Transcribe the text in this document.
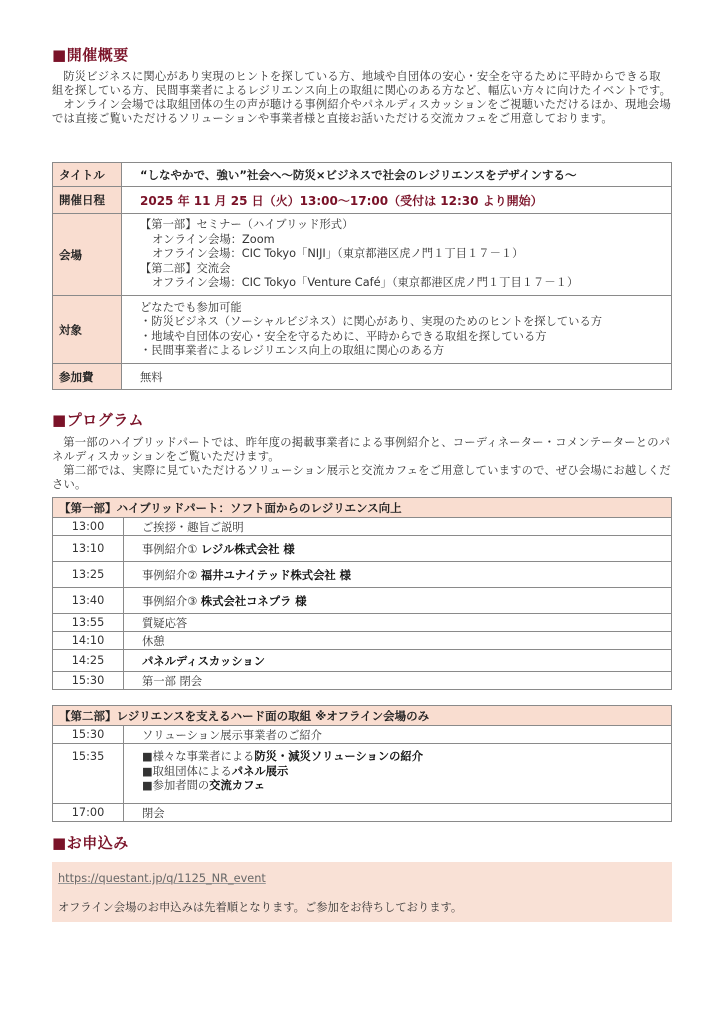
■開催概要

防災ビジネスに関心があり実現のヒントを探している方、地域や自団体の安心・安全を守るために平時からできる取組を探している方、民間事業者によるレジリエンス向上の取組に関心のある方など、幅広い方々に向けたイベントです。

オンライン会場では取組団体の生の声が聴ける事例紹介やパネルディスカッションをご視聴いただけるほか、現地会場では直接ご覧いただけるソリューションや事業者様と直接お話いただける交流カフェをご用意しております。

タイトル	“しなやかで、強い”社会へ～防災×ビジネスで社会のレジリエンスをデザインする～
開催日程	2025 年 11 月 25 日（火）13:00～17:00（受付は 12:30 より開始）
会場	【第一部】セミナー（ハイブリッド形式）
オンライン会場：Zoom
オフライン会場：CIC Tokyo「NIJI」（東京都港区虎ノ門１丁目１７－１）
【第二部】交流会
オフライン会場：CIC Tokyo「Venture Café」（東京都港区虎ノ門１丁目１７－１）

対象	どなたでも参加可能
・防災ビジネス（ソーシャルビジネス）に関心があり、実現のためのヒントを探している方
・地域や自団体の安心・安全を守るために、平時からできる取組を探している方
・民間事業者によるレジリエンス向上の取組に関心のある方

参加費	無料
■プログラム

第一部のハイブリッドパートでは、昨年度の掲載事業者による事例紹介と、コーディネーター・コメンテーターとのパネルディスカッションをご覧いただけます。

第二部では、実際に見ていただけるソリューション展示と交流カフェをご用意していますので、ぜひ会場にお越しください。

【第一部】ハイブリッドパート：ソフト面からのレジリエンス向上	
13:00	ご挨拶・趣旨ご説明
13:10	事例紹介① レジル株式会社 様
13:25	事例紹介② 福井ユナイテッド株式会社 様
13:40	事例紹介③ 株式会社コネプラ 様
13:55	質疑応答
14:10	休憩
14:25	パネルディスカッション
15:30	第一部 閉会
【第二部】レジリエンスを支えるハード面の取組 ※オフライン会場のみ	
15:30	ソリューション展示事業者のご紹介
15:35	■様々な事業者による防災・減災ソリューションの紹介
■取組団体によるパネル展示
■参加者間の交流カフェ

17:00	閉会
■お申込み
https://questant.jp/q/1125_NR_event
オフライン会場のお申込みは先着順となります。ご参加をお待ちしております。
